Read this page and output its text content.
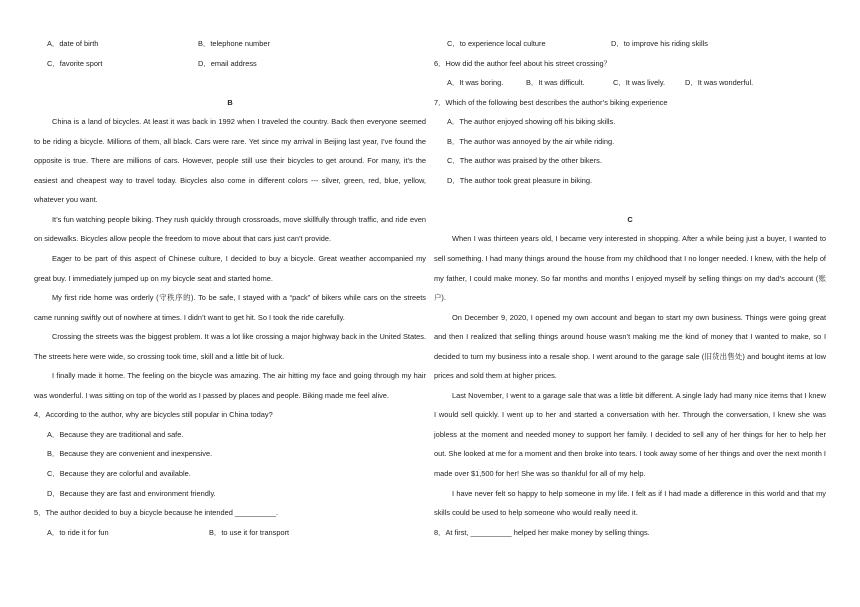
A．date of birth	B．telephone number
C．favorite sport	D．email address
B

China is a land of bicycles. At least it was back in 1992 when I traveled the country. Back then everyone seemed to be riding a bicycle. Millions of them, all black. Cars were rare. Yet since my arrival in Beijing last year, I’ve found the opposite is true. There are millions of cars. However, people still use their bicycles to get around. For many, it’s the easiest and cheapest way to travel today. Bicycles also come in different colors --- silver, green, red, blue, yellow, whatever you want.

It’s fun watching people biking. They rush quickly through crossroads, move skillfully through traffic, and ride even on sidewalks. Bicycles allow people the freedom to move about that cars just can’t provide.

Eager to be part of this aspect of Chinese culture, I decided to buy a bicycle. Great weather accompanied my great buy. I immediately jumped up on my bicycle seat and started home.

My first ride home was orderly (守秩序的). To be safe, I stayed with a “pack” of bikers while cars on the streets came running swiftly out of nowhere at times. I didn’t want to get hit. So I took the ride carefully.

Crossing the streets was the biggest problem. It was a lot like crossing a major highway back in the United States. The streets here were wide, so crossing took time, skill and a little bit of luck.

I finally made it home. The feeling on the bicycle was amazing. The air hitting my face and going through my hair was wonderful. I was sitting on top of the world as I passed by places and people. Biking made me feel alive.

4．According to the author, why are bicycles still popular in China today?
A．Because they are traditional and safe.
B．Because they are convenient and inexpensive.
C．Because they are colorful and available.
D．Because they are fast and environment friendly.
5．The author decided to buy a bicycle because he intended __________.
A．to ride it for fun	B．to use it for transport
C．to experience local culture	D．to improve his riding skills
6．How did the author feel about his street crossing？
A．It was boring.	B．It was difficult.	C．It was lively.	D．It was wonderful.
7．Which of the following best describes the author’s biking experience
A．The author enjoyed showing off his biking skills.
B．The author was annoyed by the air while riding.
C．The author was praised by the other bikers.
D．The author took great pleasure in biking.
C

When I was thirteen years old, I became very interested in shopping. After a while being just a buyer, I wanted to sell something. I had many things around the house from my childhood that I no longer needed. I knew, with the help of my father, I could make money. So far months and months I enjoyed myself by selling things on my dad’s account (账户).

On December 9, 2020, I opened my own account and began to start my own business. Things were going great and then I realized that selling things around house wasn’t making me the kind of money that I wanted to make, so I decided to turn my business into a resale shop. I went around to the garage sale (旧货出售处) and bought items at low prices and sold them at higher prices.

Last November, I went to a garage sale that was a little bit different. A single lady had many nice items that I knew I would sell quickly. I went up to her and started a conversation with her. Through the conversation, I knew she was jobless at the moment and needed money to support her family. I decided to sell any of her things for her to help her out. She looked at me for a moment and then broke into tears. I took away some of her things and over the next month I made over $1,500 for her! She was so thankful for all of my help.

I have never felt so happy to help someone in my life. I felt as if I had made a difference in this world and that my skills could be used to help someone who would really need it.

8．At first, __________ helped her make money by selling things.
